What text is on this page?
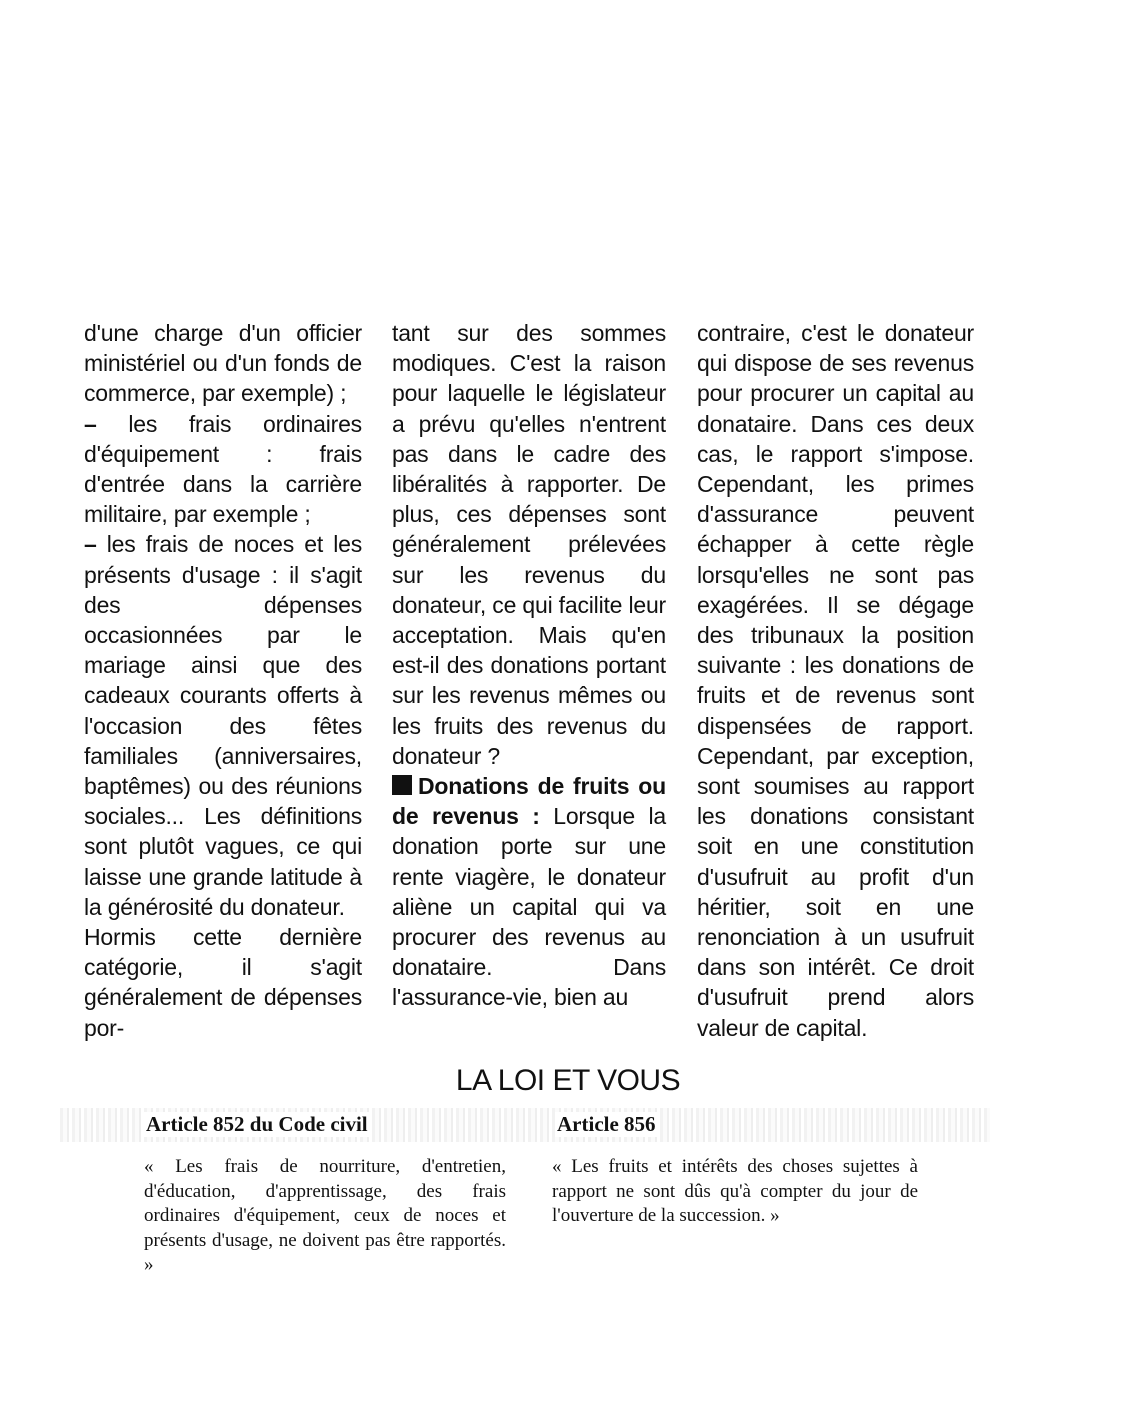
d'une charge d'un officier ministériel ou d'un fonds de commerce, par exemple) ;

– les frais ordinaires d'équipement : frais d'entrée dans la carrière militaire, par exemple ;

– les frais de noces et les présents d'usage : il s'agit des dépenses occasionnées par le mariage ainsi que des cadeaux courants offerts à l'occasion des fêtes familiales (anniversaires, baptêmes) ou des réunions sociales... Les définitions sont plutôt vagues, ce qui laisse une grande latitude à la générosité du donateur.

Hormis cette dernière catégorie, il s'agit généralement de dépenses por-

tant sur des sommes modiques. C'est la raison pour laquelle le législateur a prévu qu'elles n'entrent pas dans le cadre des libéralités à rapporter. De plus, ces dépenses sont généralement prélevées sur les revenus du donateur, ce qui facilite leur acceptation. Mais qu'en est-il des donations portant sur les revenus mêmes ou les fruits des revenus du donateur ?

Donations de fruits ou de revenus : Lorsque la donation porte sur une rente viagère, le donateur aliène un capital qui va procurer des revenus au donataire. Dans l'assurance-vie, bien au

contraire, c'est le donateur qui dispose de ses revenus pour procurer un capital au donataire. Dans ces deux cas, le rapport s'impose. Cependant, les primes d'assurance peuvent échapper à cette règle lorsqu'elles ne sont pas exagérées. Il se dégage des tribunaux la position suivante : les donations de fruits et de revenus sont dispensées de rapport. Cependant, par exception, sont soumises au rapport les donations consistant soit en une constitution d'usufruit au profit d'un héritier, soit en une renonciation à un usufruit dans son intérêt. Ce droit d'usufruit prend alors valeur de capital.

LA LOI ET VOUS
Article 852 du Code civil	Article 856
« Les frais de nourriture, d'entretien, d'éducation, d'apprentissage, des frais ordinaires d'équipement, ceux de noces et présents d'usage, ne doivent pas être rapportés. »
« Les fruits et intérêts des choses sujettes à rapport ne sont dûs qu'à compter du jour de l'ouverture de la succession. »
